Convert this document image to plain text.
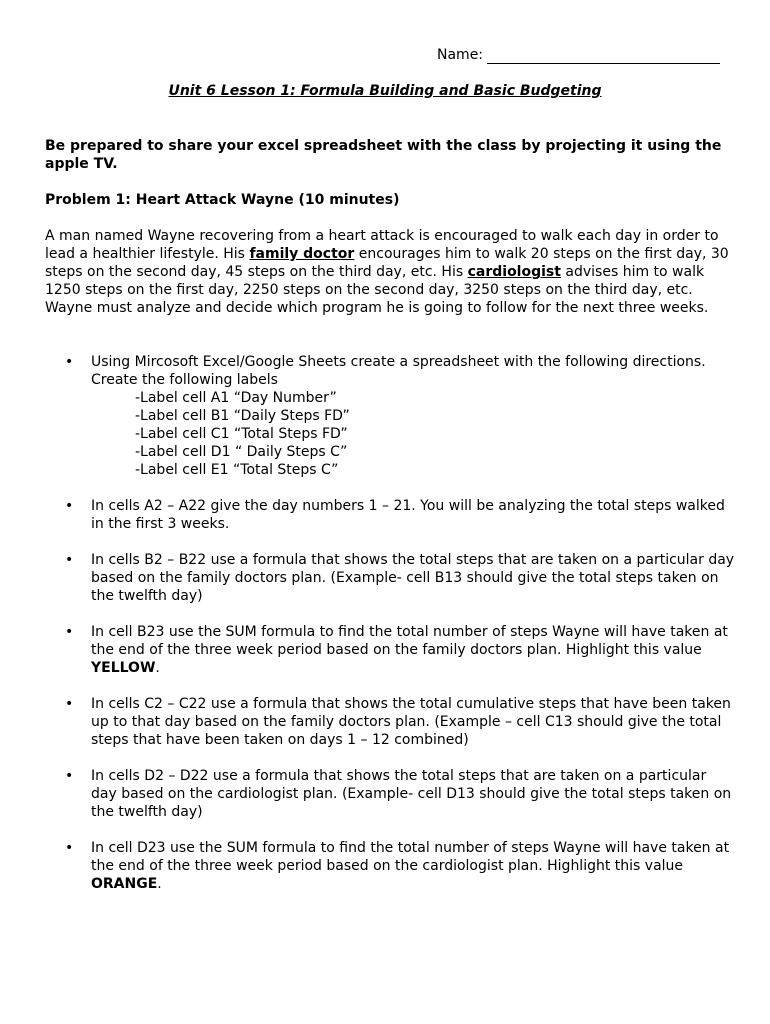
Name:
Unit 6 Lesson 1: Formula Building and Basic Budgeting
Be prepared to share your excel spreadsheet with the class by projecting it using the apple TV.
Problem 1: Heart Attack Wayne (10 minutes)
A man named Wayne recovering from a heart attack is encouraged to walk each day in order to lead a healthier lifestyle. His family doctor encourages him to walk 20 steps on the first day, 30 steps on the second day, 45 steps on the third day, etc. His cardiologist advises him to walk 1250 steps on the first day, 2250 steps on the second day, 3250 steps on the third day, etc. Wayne must analyze and decide which program he is going to follow for the next three weeks.
• Using Mircosoft Excel/Google Sheets create a spreadsheet with the following directions.
Create the following labels
-Label cell A1 “Day Number”
-Label cell B1 “Daily Steps FD”
-Label cell C1 “Total Steps FD”
-Label cell D1 “ Daily Steps C”
-Label cell E1 “Total Steps C”
• In cells A2 – A22 give the day numbers 1 – 21. You will be analyzing the total steps walked in the first 3 weeks.
• In cells B2 – B22 use a formula that shows the total steps that are taken on a particular day based on the family doctors plan. (Example- cell B13 should give the total steps taken on the twelfth day)
• In cell B23 use the SUM formula to find the total number of steps Wayne will have taken at the end of the three week period based on the family doctors plan. Highlight this value YELLOW.
• In cells C2 – C22 use a formula that shows the total cumulative steps that have been taken up to that day based on the family doctors plan. (Example – cell C13 should give the total steps that have been taken on days 1 – 12 combined)
• In cells D2 – D22 use a formula that shows the total steps that are taken on a particular day based on the cardiologist plan. (Example- cell D13 should give the total steps taken on the twelfth day)
• In cell D23 use the SUM formula to find the total number of steps Wayne will have taken at the end of the three week period based on the cardiologist plan. Highlight this value ORANGE.
